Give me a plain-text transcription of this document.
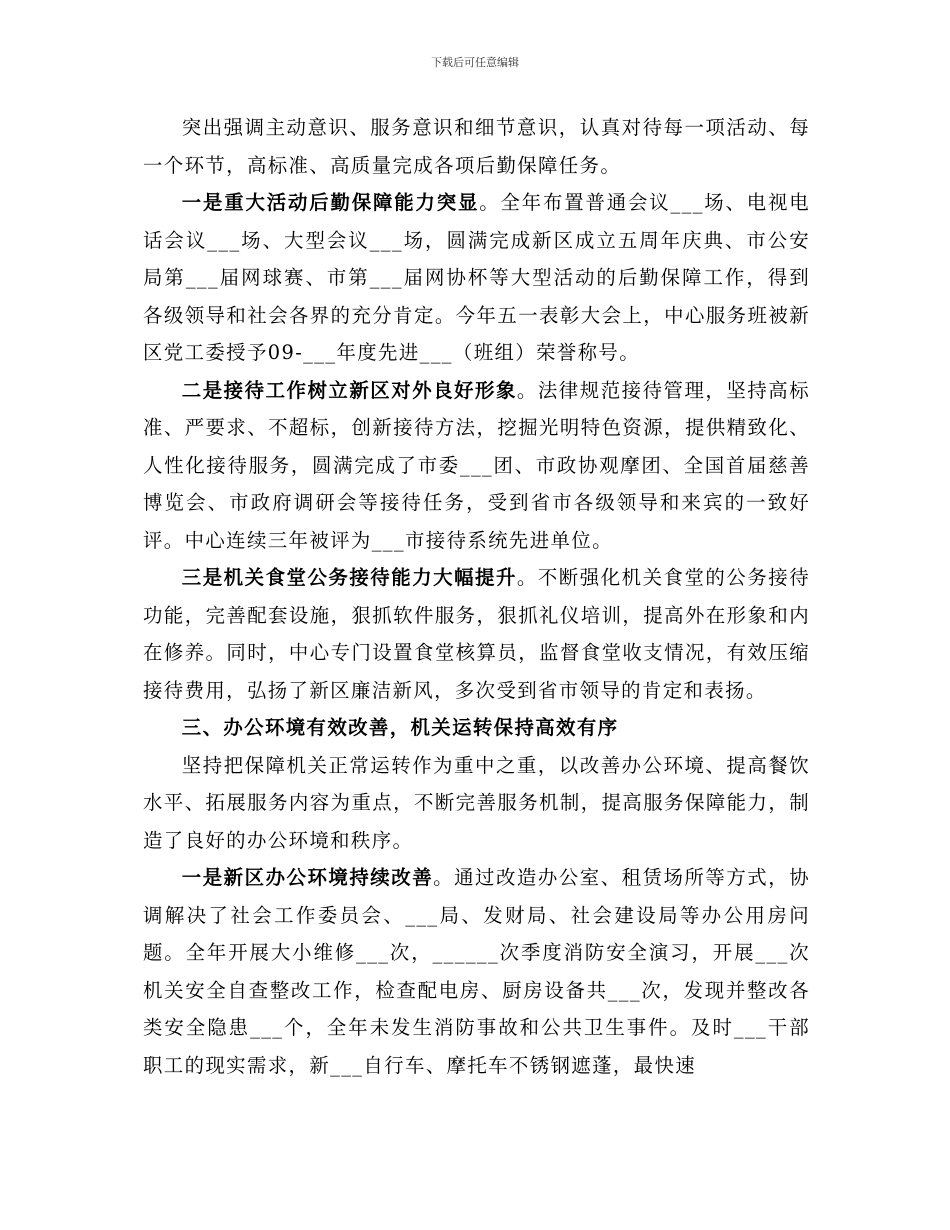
下载后可任意编辑

突出强调主动意识、服务意识和细节意识，认真对待每一项活动、每一个环节，高标准、高质量完成各项后勤保障任务。

一是重大活动后勤保障能力突显。全年布置普通会议___场、电视电话会议___场、大型会议___场，圆满完成新区成立五周年庆典、市公安局第___届网球赛、市第___届网协杯等大型活动的后勤保障工作，得到各级领导和社会各界的充分肯定。今年五一表彰大会上，中心服务班被新区党工委授予09-___年度先进___（班组）荣誉称号。

二是接待工作树立新区对外良好形象。法律规范接待管理，坚持高标准、严要求、不超标，创新接待方法，挖掘光明特色资源，提供精致化、人性化接待服务，圆满完成了市委___团、市政协观摩团、全国首届慈善博览会、市政府调研会等接待任务，受到省市各级领导和来宾的一致好评。中心连续三年被评为___市接待系统先进单位。

三是机关食堂公务接待能力大幅提升。不断强化机关食堂的公务接待功能，完善配套设施，狠抓软件服务，狠抓礼仪培训，提高外在形象和内在修养。同时，中心专门设置食堂核算员，监督食堂收支情况，有效压缩接待费用，弘扬了新区廉洁新风，多次受到省市领导的肯定和表扬。

三、办公环境有效改善，机关运转保持高效有序

坚持把保障机关正常运转作为重中之重，以改善办公环境、提高餐饮水平、拓展服务内容为重点，不断完善服务机制，提高服务保障能力，制造了良好的办公环境和秩序。

一是新区办公环境持续改善。通过改造办公室、租赁场所等方式，协调解决了社会工作委员会、___局、发财局、社会建设局等办公用房问题。全年开展大小维修___次，______次季度消防安全演习，开展___次机关安全自查整改工作，检查配电房、厨房设备共___次，发现并整改各类安全隐患___个，全年未发生消防事故和公共卫生事件。及时___干部职工的现实需求，新___自行车、摩托车不锈钢遮蓬，最快速
